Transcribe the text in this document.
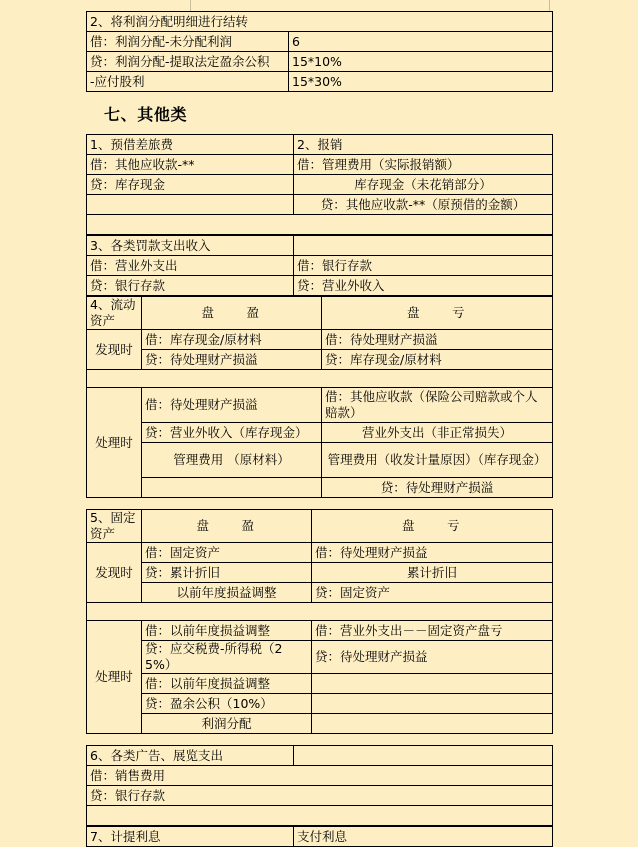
2、将利润分配明细进行结转	
借：利润分配-未分配利润	6
贷：利润分配-提取法定盈余公积	15*10%
-应付股利	15*30%
七、其他类
1、预借差旅费	2、报销
借：其他应收款-**	借：管理费用（实际报销额）
贷：库存现金	库存现金（未花销部分）
	贷：其他应收款-**（原预借的金额）

3、各类罚款支出收入	
借：营业外支出	借：银行存款
贷：银行存款	贷：营业外收入
4、流动资产	盘　　盈	盘　　亏
发现时	借：库存现金/原材料	借：待处理财产损溢
	贷：待处理财产损溢	贷：库存现金/原材料

处理时	借：待处理财产损溢	借：其他应收款（保险公司赔款或个人赔款）
	贷：营业外收入（库存现金）	营业外支出（非正常损失）
	管理费用 （原材料）	管理费用（收发计量原因）（库存现金）
		贷：待处理财产损溢
5、固定资产	盘　　盈	盘　　亏
发现时	借：固定资产	借：待处理财产损益
	贷：累计折旧	累计折旧
	以前年度损益调整	贷：固定资产

处理时	借：以前年度损益调整	借：营业外支出－－固定资产盘亏
	贷：应交税费-所得税（25%）	贷：待处理财产损益
	借：以前年度损益调整	
	贷：盈余公积（10%）	
	利润分配	
6、各类广告、展览支出	
借：销售费用
贷：银行存款

7、计提利息	支付利息
